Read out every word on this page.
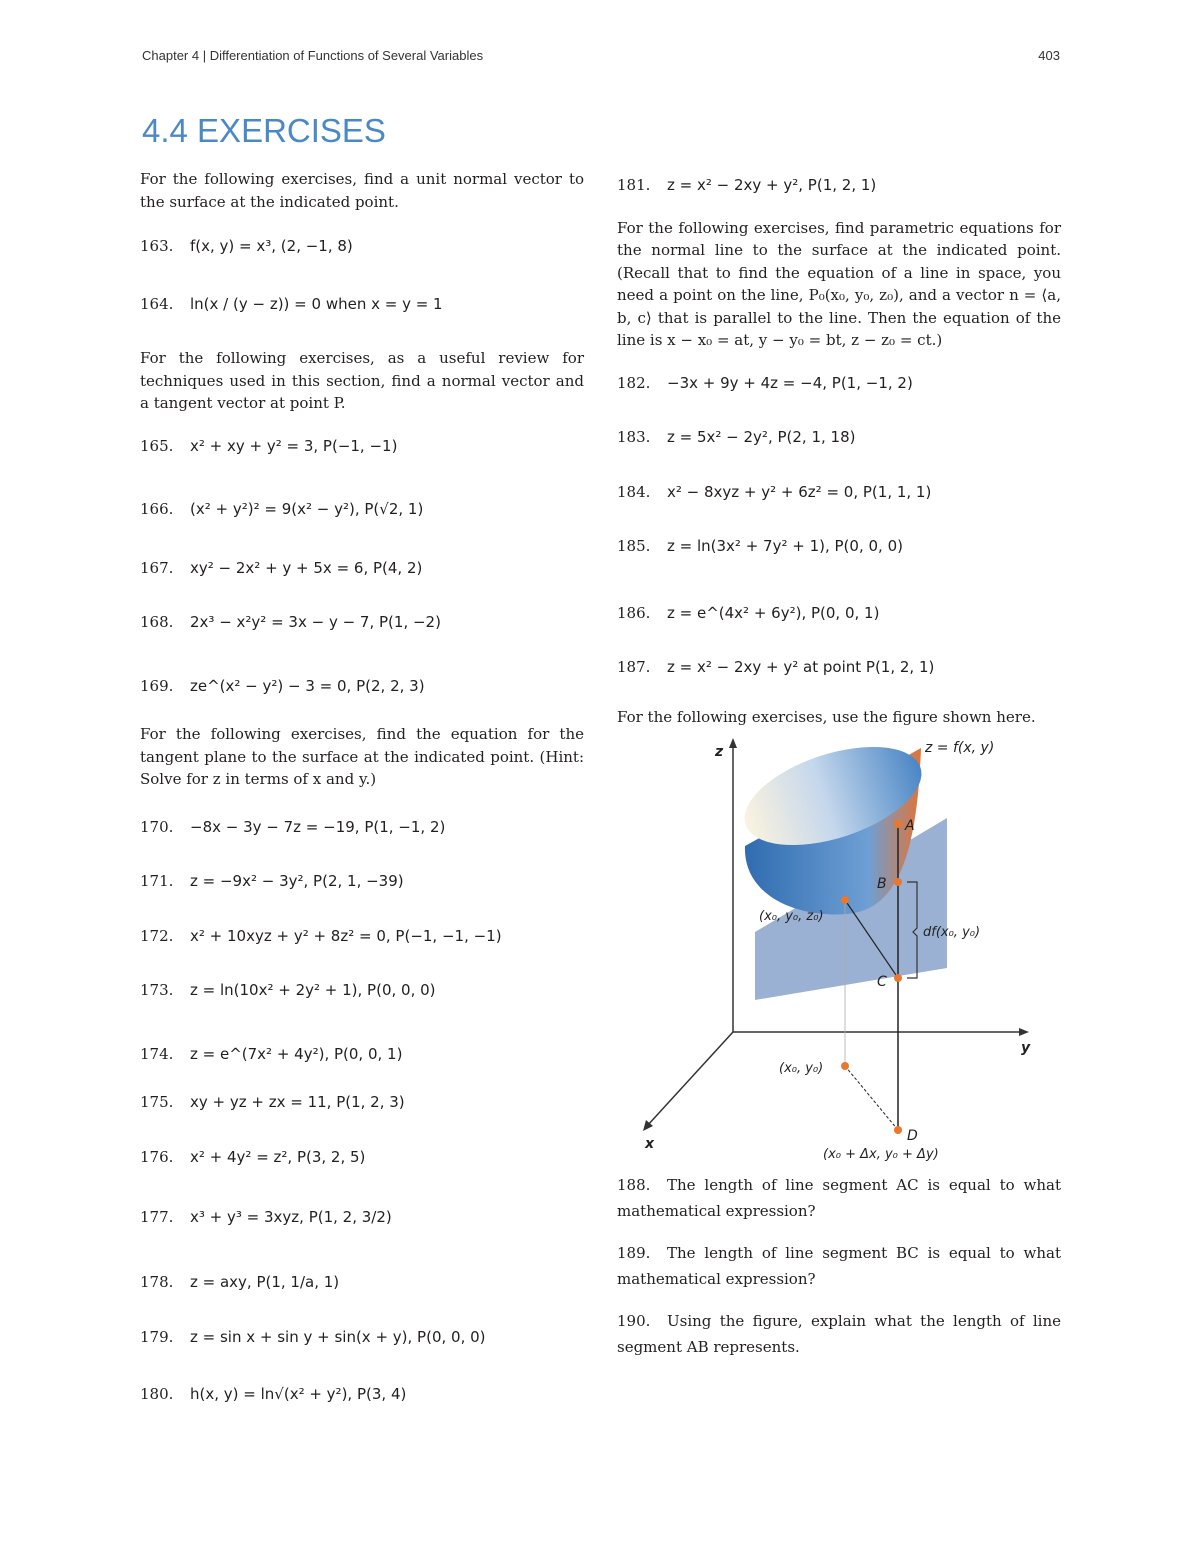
Chapter 4 | Differentiation of Functions of Several Variables	403
4.4 EXERCISES

For the following exercises, find a unit normal vector to the surface at the indicated point.

163. f(x, y) = x³, (2, −1, 8)

164. ln(x / (y − z)) = 0 when x = y = 1

For the following exercises, as a useful review for techniques used in this section, find a normal vector and a tangent vector at point P.

165. x² + xy + y² = 3, P(−1, −1)

166. (x² + y²)² = 9(x² − y²), P(√2, 1)

167. xy² − 2x² + y + 5x = 6, P(4, 2)

168. 2x³ − x²y² = 3x − y − 7, P(1, −2)

169. ze^(x² − y²) − 3 = 0, P(2, 2, 3)

For the following exercises, find the equation for the tangent plane to the surface at the indicated point. (Hint: Solve for z in terms of x and y.)

170. −8x − 3y − 7z = −19, P(1, −1, 2)

171. z = −9x² − 3y², P(2, 1, −39)

172. x² + 10xyz + y² + 8z² = 0, P(−1, −1, −1)

173. z = ln(10x² + 2y² + 1), P(0, 0, 0)

174. z = e^(7x² + 4y²), P(0, 0, 1)

175. xy + yz + zx = 11, P(1, 2, 3)

176. x² + 4y² = z², P(3, 2, 5)

177. x³ + y³ = 3xyz, P(1, 2, 3/2)

178. z = axy, P(1, 1/a, 1)

179. z = sin x + sin y + sin(x + y), P(0, 0, 0)

180. h(x, y) = ln√(x² + y²), P(3, 4)

181. z = x² − 2xy + y², P(1, 2, 1)

For the following exercises, find parametric equations for the normal line to the surface at the indicated point. (Recall that to find the equation of a line in space, you need a point on the line, P₀(x₀, y₀, z₀), and a vector n = ⟨a, b, c⟩ that is parallel to the line. Then the equation of the line is x − x₀ = at, y − y₀ = bt, z − z₀ = ct.)

182. −3x + 9y + 4z = −4, P(1, −1, 2)

183. z = 5x² − 2y², P(2, 1, 18)

184. x² − 8xyz + y² + 6z² = 0, P(1, 1, 1)

185. z = ln(3x² + 7y² + 1), P(0, 0, 0)

186. z = e^(4x² + 6y²), P(0, 0, 1)

187. z = x² − 2xy + y² at point P(1, 2, 1)

For the following exercises, use the figure shown here.

z
y
x
z = f(x, y)
A
B
C
D
(x₀, y₀, z₀)
(x₀, y₀)
(x₀ + Δx, y₀ + Δy)
df(x₀, y₀)

188. The length of line segment AC is equal to what mathematical expression?

189. The length of line segment BC is equal to what mathematical expression?

190. Using the figure, explain what the length of line segment AB represents.
